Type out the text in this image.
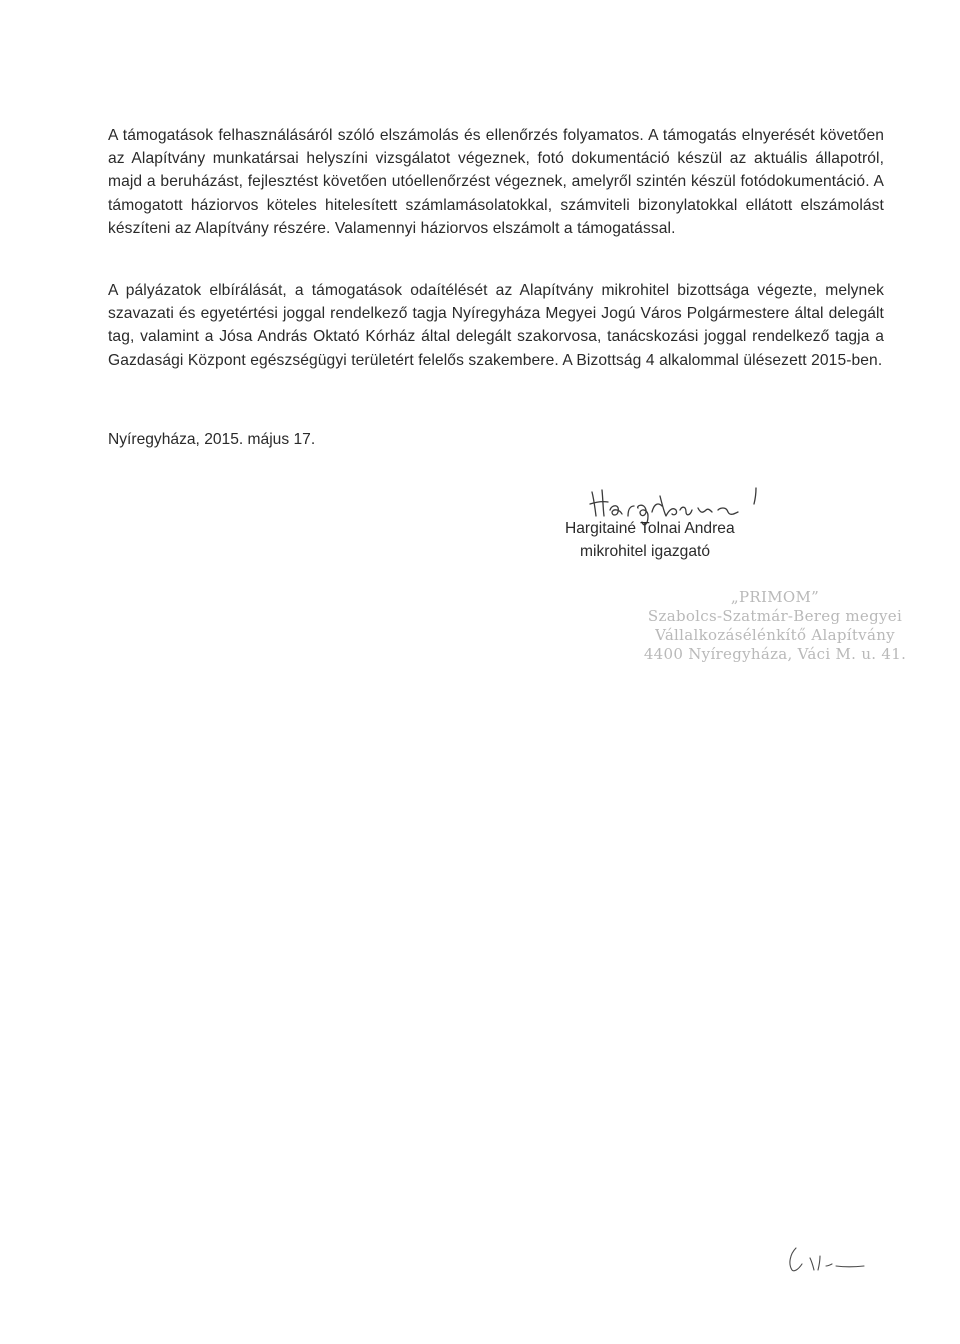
A támogatások felhasználásáról szóló elszámolás és ellenőrzés folyamatos. A támogatás elnyerését követően az Alapítvány munkatársai helyszíni vizsgálatot végeznek, fotó dokumentáció készül az aktuális állapotról, majd a beruházást, fejlesztést követően utóellenőrzést végeznek, amelyről szintén készül fotódokumentáció. A támogatott háziorvos köteles hitelesített számlamásolatokkal, számviteli bizonylatokkal ellátott elszámolást készíteni az Alapítvány részére. Valamennyi háziorvos elszámolt a támogatással.

A pályázatok elbírálását, a támogatások odaítélését az Alapítvány mikrohitel bizottsága végezte, melynek szavazati és egyetértési joggal rendelkező tagja Nyíregyháza Megyei Jogú Város Polgármestere által delegált tag, valamint a Jósa András Oktató Kórház által delegált szakorvosa, tanácskozási joggal rendelkező tagja a Gazdasági Központ egészségügyi területért felelős szakembere. A Bizottság 4 alkalommal ülésezett 2015-ben.

Nyíregyháza, 2015. május 17.

Hargitainé Tolnai Andrea

mikrohitel igazgató

„PRIMOM”
Szabolcs-Szatmár-Bereg megyei
Vállalkozásélénkítő Alapítvány
4400 Nyíregyháza, Váci M. u. 41.
